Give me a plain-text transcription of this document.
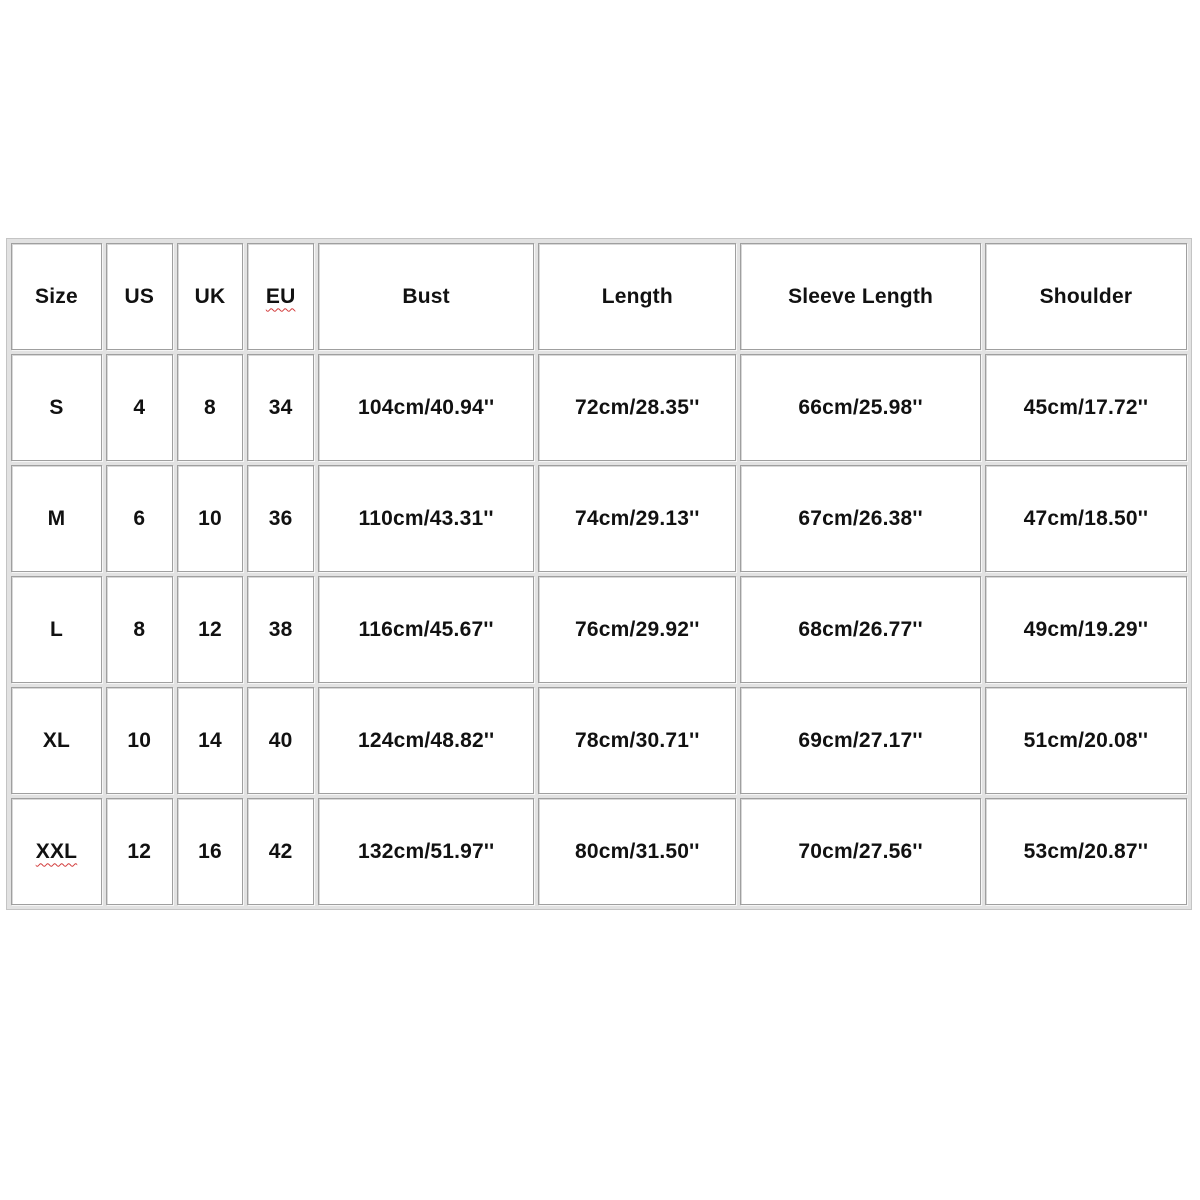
Size	US	UK	EU	Bust	Length	Sleeve Length	Shoulder
S	4	8	34	104cm/40.94''	72cm/28.35''	66cm/25.98''	45cm/17.72''
M	6	10	36	110cm/43.31''	74cm/29.13''	67cm/26.38''	47cm/18.50''
L	8	12	38	116cm/45.67''	76cm/29.92''	68cm/26.77''	49cm/19.29''
XL	10	14	40	124cm/48.82''	78cm/30.71''	69cm/27.17''	51cm/20.08''
XXL	12	16	42	132cm/51.97''	80cm/31.50''	70cm/27.56''	53cm/20.87''
